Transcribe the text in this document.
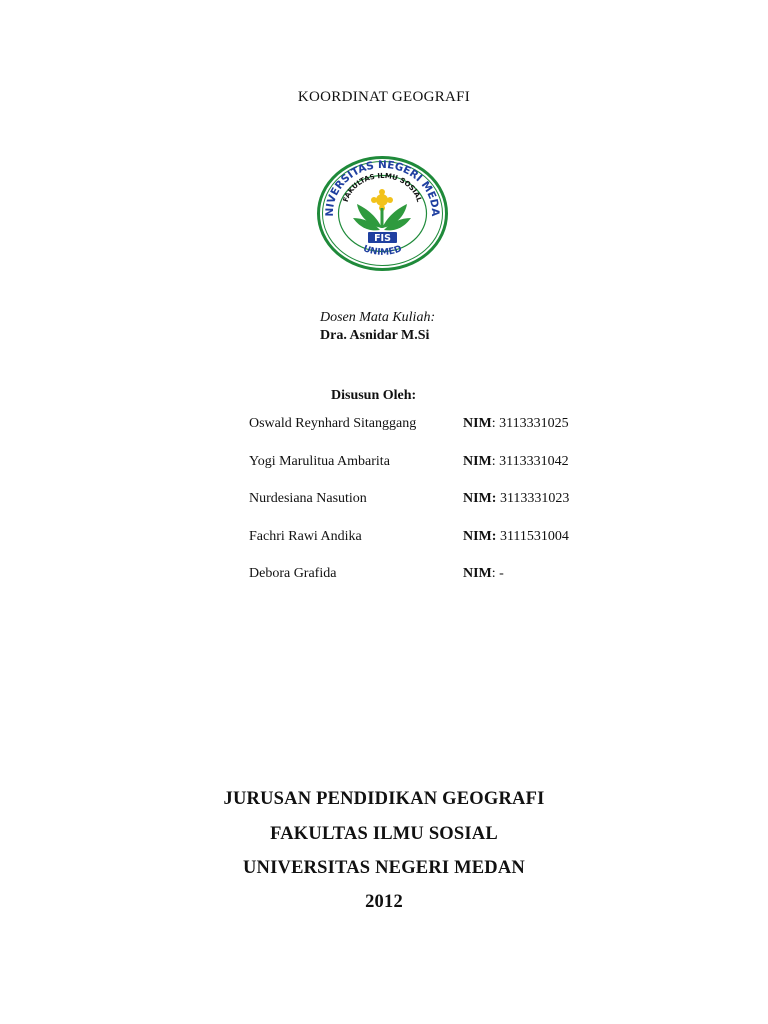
KOORDINAT GEOGRAFI
NIVERSITAS NEGERI MEDA
UNIMED
FAKULTAS ILMU SOSIAL
FIS
Dosen Mata Kuliah:
Dra. Asnidar M.Si
Disusun Oleh:
Oswald Reynhard Sitanggang	NIM: 3113331025
Yogi Marulitua Ambarita	NIM: 3113331042
Nurdesiana Nasution	NIM: 3113331023
Fachri Rawi Andika	NIM: 3111531004
Debora Grafida	NIM: -
JURUSAN PENDIDIKAN GEOGRAFI
FAKULTAS ILMU SOSIAL
UNIVERSITAS NEGERI MEDAN
2012
